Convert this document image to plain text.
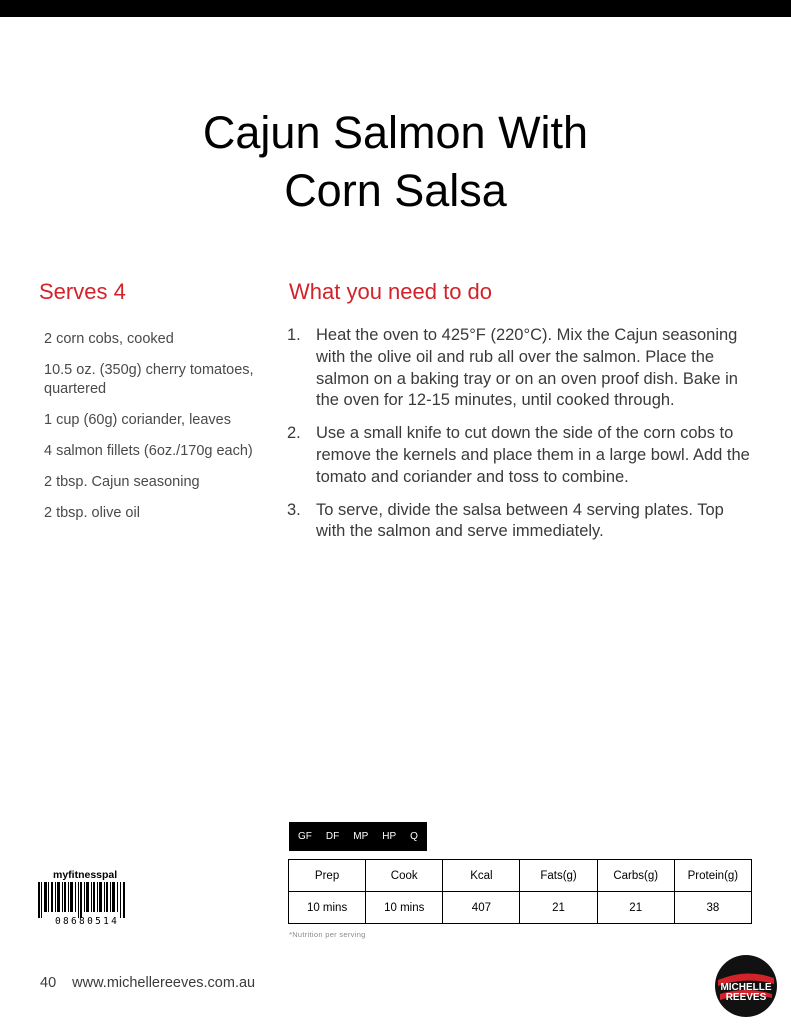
Cajun Salmon With
Corn Salsa
Serves 4
2 corn cobs, cooked
10.5 oz. (350g) cherry tomatoes, quartered
1 cup (60g) coriander, leaves
4 salmon fillets (6oz./170g each)
2 tbsp. Cajun seasoning
2 tbsp. olive oil
What you need to do
1. Heat the oven to 425°F (220°C). Mix the Cajun seasoning with the olive oil and rub all over the salmon. Place the salmon on a baking tray or on an oven proof dish. Bake in the oven for 12-15 minutes, until cooked through.
2. Use a small knife to cut down the side of the corn cobs to remove the kernels and place them in a large bowl. Add the tomato and coriander and toss to combine.
3. To serve, divide the salsa between 4 serving plates. Top with the salmon and serve immediately.
GF	DF	MP	HP	Q
Prep	Cook	Kcal	Fats(g)	Carbs(g)	Protein(g)
10 mins	10 mins	407	21	21	38
*Nutrition per serving
myfitnesspal
08680514
40 www.michellereeves.com.au	MICHELLE
REEVES
